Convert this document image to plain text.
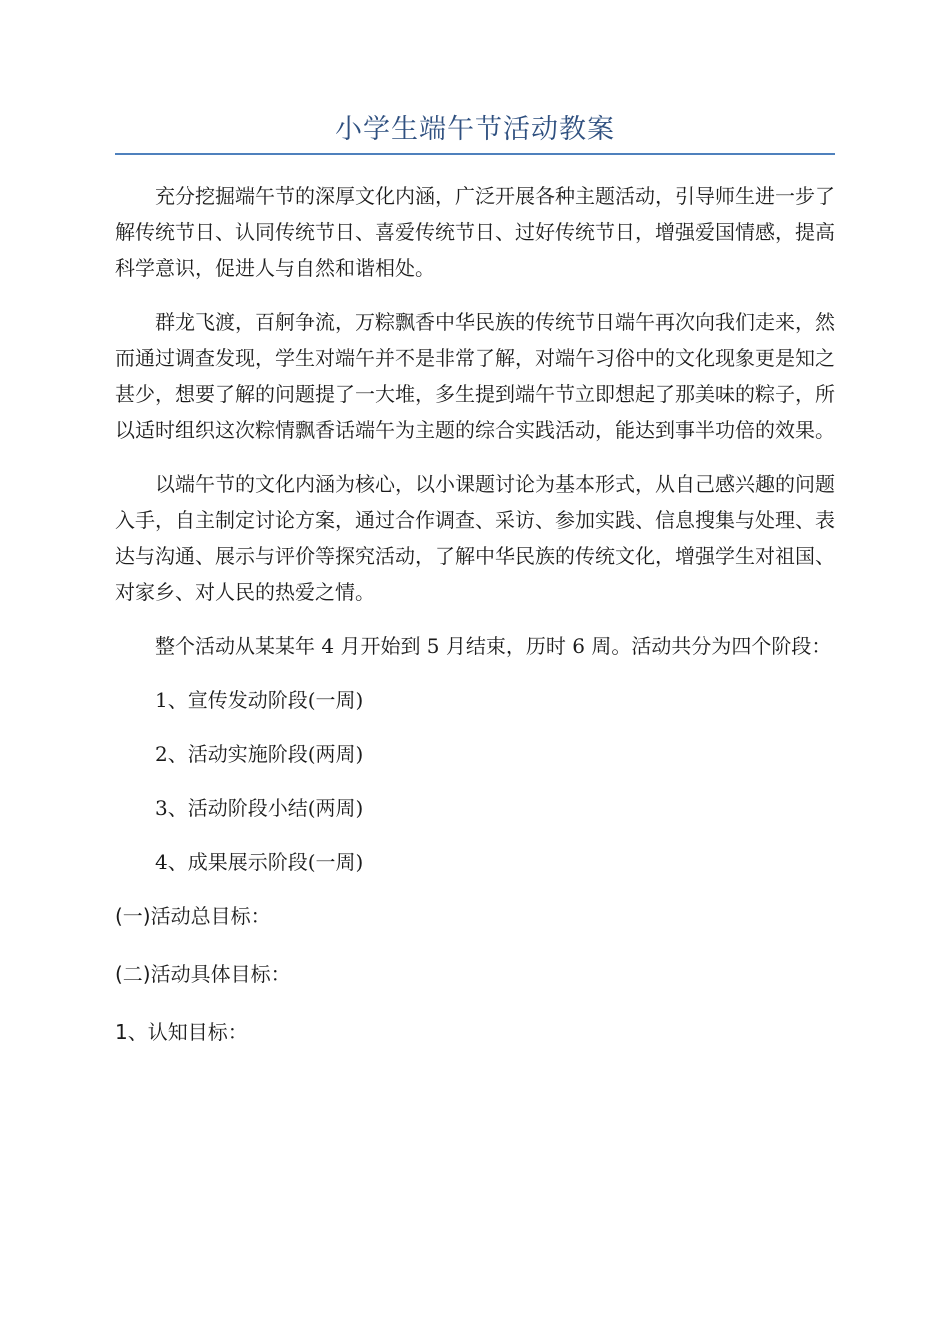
小学生端午节活动教案

充分挖掘端午节的深厚文化内涵，广泛开展各种主题活动，引导师生进一步了解传统节日、认同传统节日、喜爱传统节日、过好传统节日，增强爱国情感，提高科学意识，促进人与自然和谐相处。

群龙飞渡，百舸争流，万粽飘香中华民族的传统节日端午再次向我们走来，然而通过调查发现，学生对端午并不是非常了解，对端午习俗中的文化现象更是知之甚少，想要了解的问题提了一大堆，多生提到端午节立即想起了那美味的粽子，所以适时组织这次粽情飘香话端午为主题的综合实践活动，能达到事半功倍的效果。

以端午节的文化内涵为核心，以小课题讨论为基本形式，从自己感兴趣的问题入手，自主制定讨论方案，通过合作调查、采访、参加实践、信息搜集与处理、表达与沟通、展示与评价等探究活动，了解中华民族的传统文化，增强学生对祖国、对家乡、对人民的热爱之情。

整个活动从某某年 4 月开始到 5 月结束，历时 6 周。活动共分为四个阶段：

1、宣传发动阶段(一周)
2、活动实施阶段(两周)
3、活动阶段小结(两周)
4、成果展示阶段(一周)
(一)活动总目标：
(二)活动具体目标：
1、认知目标：
